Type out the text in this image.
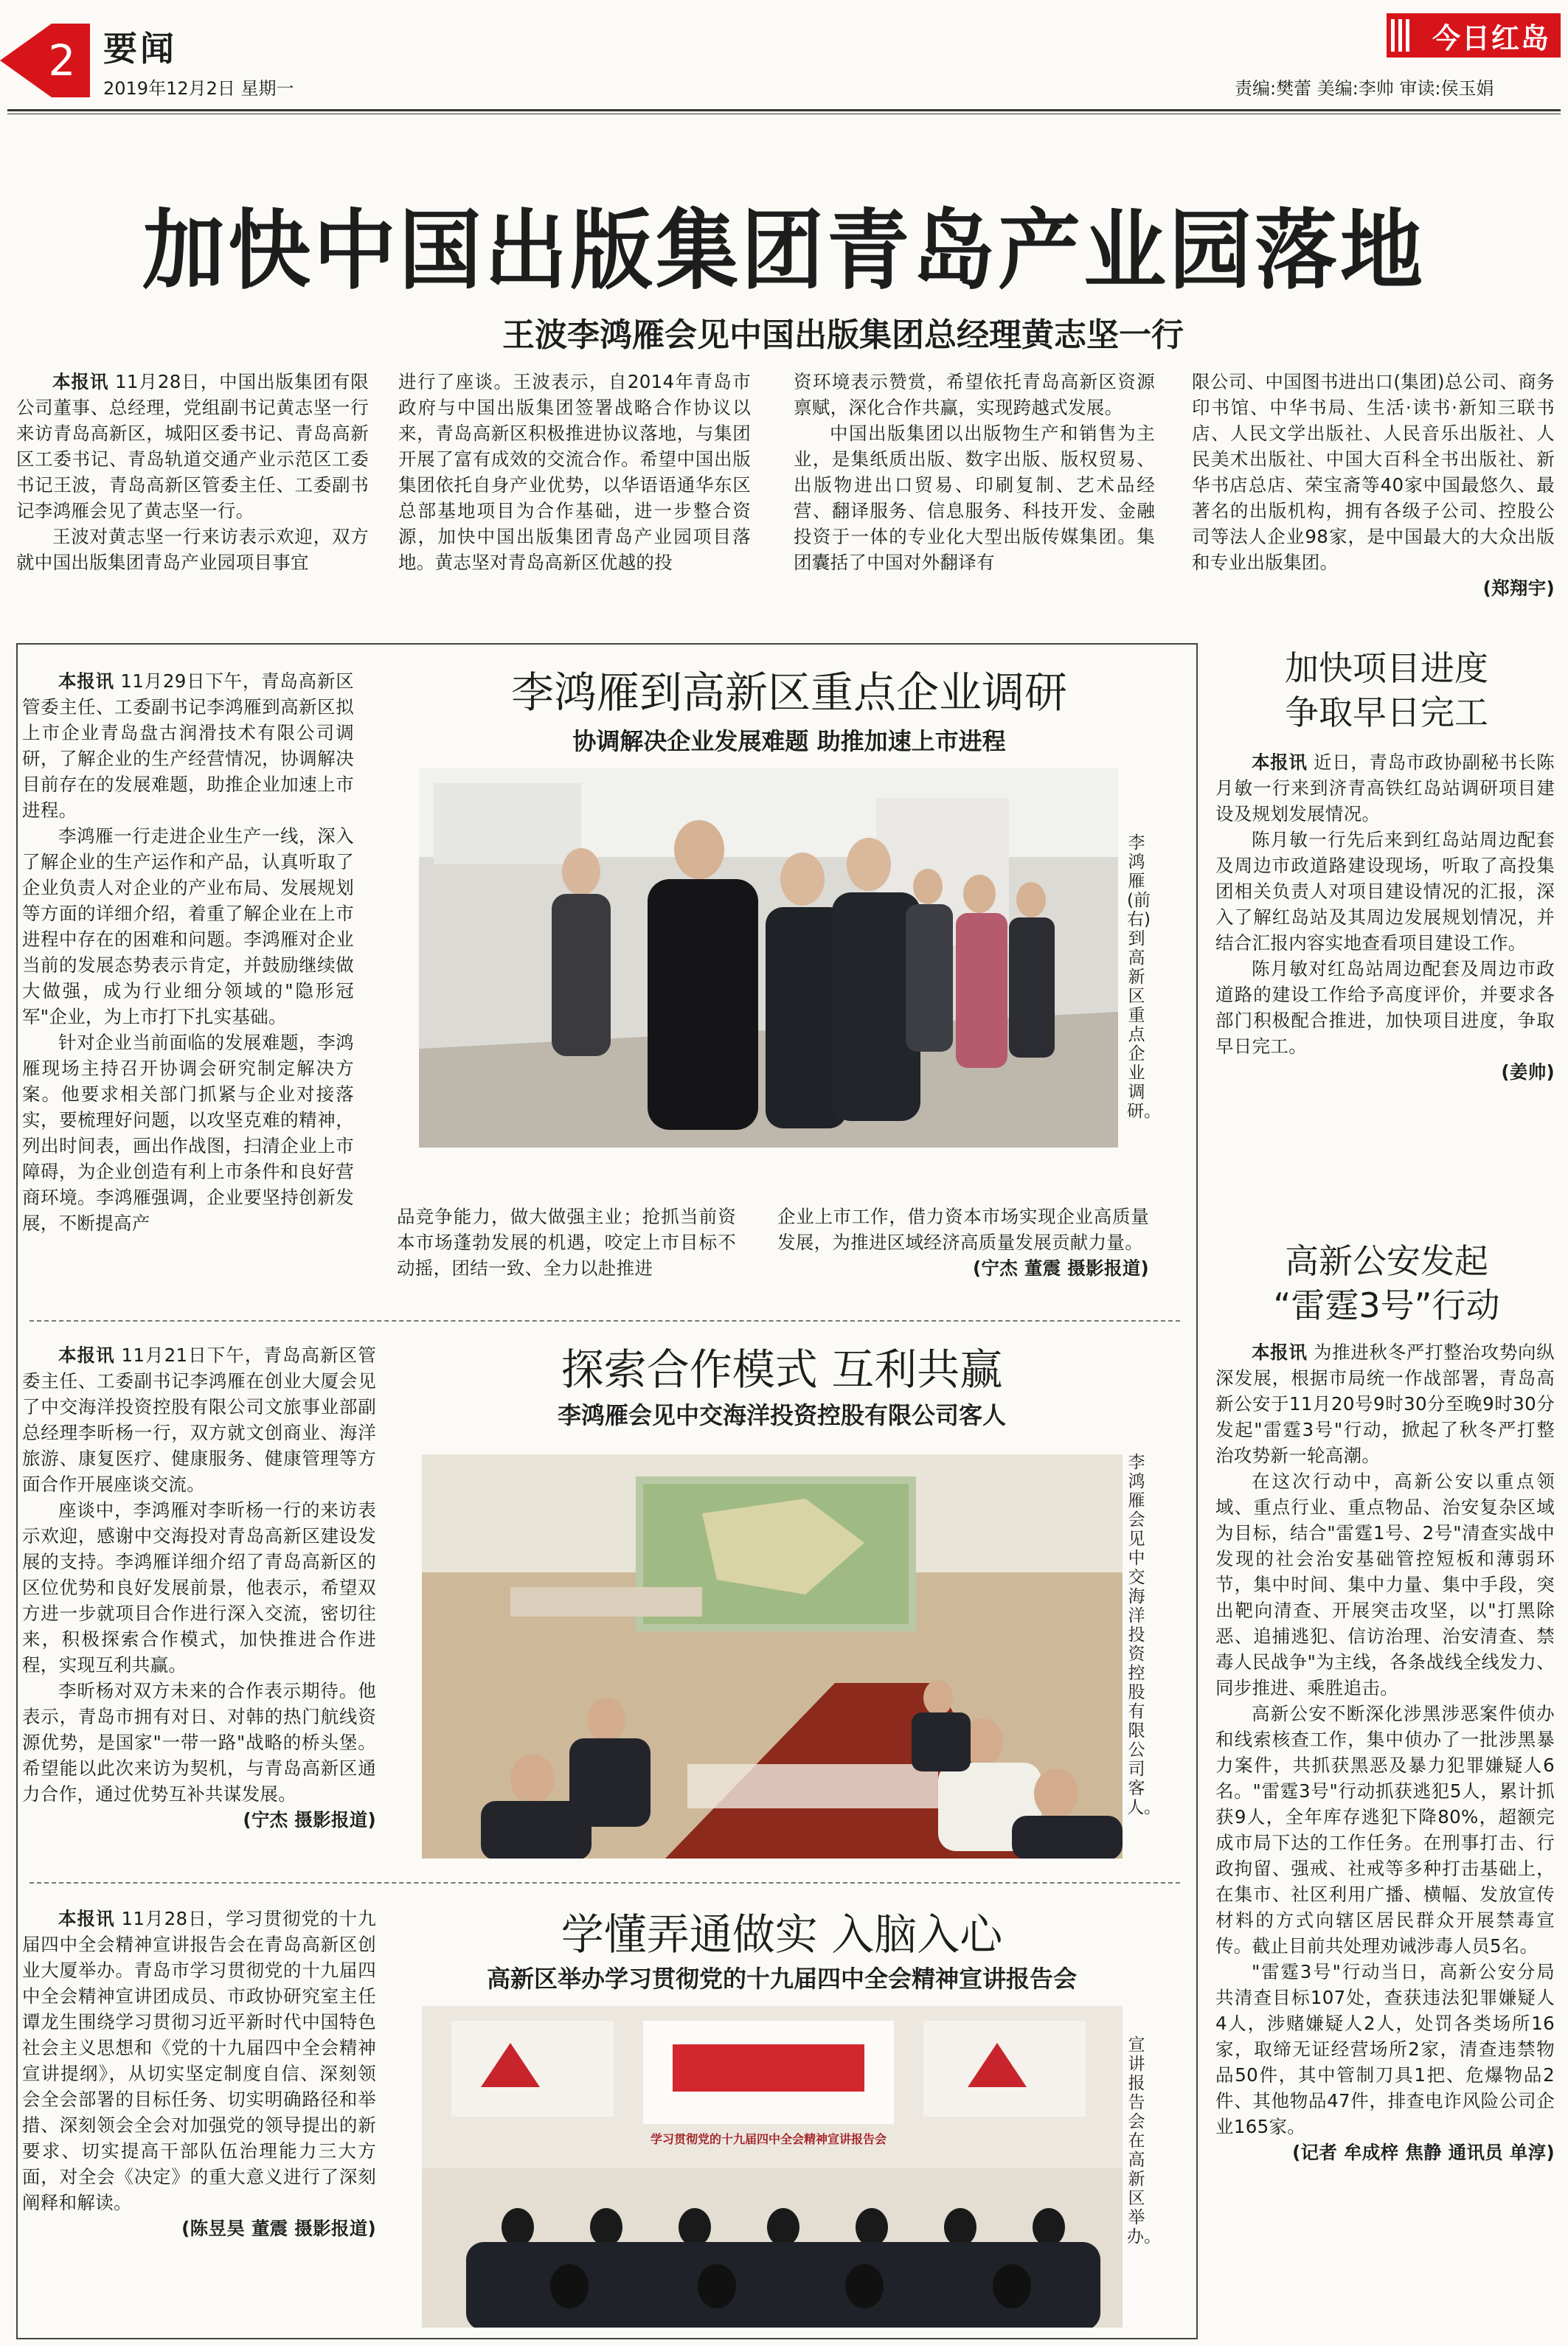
2 要闻
2019年12月2日 星期一
今日红岛
责编:樊蕾 美编:李帅 审读:侯玉娟
加快中国出版集团青岛产业园落地
王波李鸿雁会见中国出版集团总经理黄志坚一行

本报讯 11月28日，中国出版集团有限公司董事、总经理，党组副书记黄志坚一行来访青岛高新区，城阳区委书记、青岛高新区工委书记、青岛轨道交通产业示范区工委书记王波，青岛高新区管委主任、工委副书记李鸿雁会见了黄志坚一行。

王波对黄志坚一行来访表示欢迎，双方就中国出版集团青岛产业园项目事宜

进行了座谈。王波表示，自2014年青岛市政府与中国出版集团签署战略合作协议以来，青岛高新区积极推进协议落地，与集团开展了富有成效的交流合作。希望中国出版集团依托自身产业优势，以华语语通华东区总部基地项目为合作基础，进一步整合资源，加快中国出版集团青岛产业园项目落地。黄志坚对青岛高新区优越的投

资环境表示赞赏，希望依托青岛高新区资源禀赋，深化合作共赢，实现跨越式发展。

中国出版集团以出版物生产和销售为主业，是集纸质出版、数字出版、版权贸易、出版物进出口贸易、印刷复制、艺术品经营、翻译服务、信息服务、科技开发、金融投资于一体的专业化大型出版传媒集团。集团囊括了中国对外翻译有

限公司、中国图书进出口(集团)总公司、商务印书馆、中华书局、生活·读书·新知三联书店、人民文学出版社、人民音乐出版社、人民美术出版社、中国大百科全书出版社、新华书店总店、荣宝斋等40家中国最悠久、最著名的出版机构，拥有各级子公司、控股公司等法人企业98家，是中国最大的大众出版和专业出版集团。

(郑翔宇)

李鸿雁到高新区重点企业调研
协调解决企业发展难题 助推加速上市进程

本报讯 11月29日下午，青岛高新区管委主任、工委副书记李鸿雁到高新区拟上市企业青岛盘古润滑技术有限公司调研，了解企业的生产经营情况，协调解决目前存在的发展难题，助推企业加速上市进程。

李鸿雁一行走进企业生产一线，深入了解企业的生产运作和产品，认真听取了企业负责人对企业的产业布局、发展规划等方面的详细介绍，着重了解企业在上市进程中存在的困难和问题。李鸿雁对企业当前的发展态势表示肯定，并鼓励继续做大做强，成为行业细分领域的"隐形冠军"企业，为上市打下扎实基础。

针对企业当前面临的发展难题，李鸿雁现场主持召开协调会研究制定解决方案。他要求相关部门抓紧与企业对接落实，要梳理好问题，以攻坚克难的精神，列出时间表，画出作战图，扫清企业上市障碍，为企业创造有利上市条件和良好营商环境。李鸿雁强调，企业要坚持创新发展，不断提高产

李鸿雁(前右)到高新区重点企业调研。

品竞争能力，做大做强主业；抢抓当前资本市场蓬勃发展的机遇，咬定上市目标不动摇，团结一致、全力以赴推进

企业上市工作，借力资本市场实现企业高质量发展，为推进区域经济高质量发展贡献力量。

(宁杰 董震 摄影报道)

探索合作模式 互利共赢
李鸿雁会见中交海洋投资控股有限公司客人

本报讯 11月21日下午，青岛高新区管委主任、工委副书记李鸿雁在创业大厦会见了中交海洋投资控股有限公司文旅事业部副总经理李昕杨一行，双方就文创商业、海洋旅游、康复医疗、健康服务、健康管理等方面合作开展座谈交流。

座谈中，李鸿雁对李昕杨一行的来访表示欢迎，感谢中交海投对青岛高新区建设发展的支持。李鸿雁详细介绍了青岛高新区的区位优势和良好发展前景，他表示，希望双方进一步就项目合作进行深入交流，密切往来，积极探索合作模式，加快推进合作进程，实现互利共赢。

李昕杨对双方未来的合作表示期待。他表示，青岛市拥有对日、对韩的热门航线资源优势，是国家"一带一路"战略的桥头堡。希望能以此次来访为契机，与青岛高新区通力合作，通过优势互补共谋发展。

(宁杰 摄影报道)

李鸿雁会见中交海洋投资控股有限公司客人。
学懂弄通做实 入脑入心
高新区举办学习贯彻党的十九届四中全会精神宣讲报告会

本报讯 11月28日，学习贯彻党的十九届四中全会精神宣讲报告会在青岛高新区创业大厦举办。青岛市学习贯彻党的十九届四中全会精神宣讲团成员、市政协研究室主任谭龙生围绕学习贯彻习近平新时代中国特色社会主义思想和《党的十九届四中全会精神宣讲提纲》，从切实坚定制度自信、深刻领会全会部署的目标任务、切实明确路径和举措、深刻领会全会对加强党的领导提出的新要求、切实提高干部队伍治理能力三大方面，对全会《决定》的重大意义进行了深刻阐释和解读。

(陈昱昊 董震 摄影报道)

学习贯彻党的十九届四中全会精神宣讲报告会
宣讲报告会在高新区举办。
加快项目进度
争取早日完工

本报讯 近日，青岛市政协副秘书长陈月敏一行来到济青高铁红岛站调研项目建设及规划发展情况。

陈月敏一行先后来到红岛站周边配套及周边市政道路建设现场，听取了高投集团相关负责人对项目建设情况的汇报，深入了解红岛站及其周边发展规划情况，并结合汇报内容实地查看项目建设工作。

陈月敏对红岛站周边配套及周边市政道路的建设工作给予高度评价，并要求各部门积极配合推进，加快项目进度，争取早日完工。

(姜帅)

高新公安发起
“雷霆3号”行动

本报讯 为推进秋冬严打整治攻势向纵深发展，根据市局统一作战部署，青岛高新公安于11月20号9时30分至晚9时30分发起"雷霆3号"行动，掀起了秋冬严打整治攻势新一轮高潮。

在这次行动中，高新公安以重点领域、重点行业、重点物品、治安复杂区域为目标，结合"雷霆1号、2号"清查实战中发现的社会治安基础管控短板和薄弱环节，集中时间、集中力量、集中手段，突出靶向清查、开展突击攻坚，以"打黑除恶、追捕逃犯、信访治理、治安清查、禁毒人民战争"为主线，各条战线全线发力、同步推进、乘胜追击。

高新公安不断深化涉黑涉恶案件侦办和线索核查工作，集中侦办了一批涉黑暴力案件，共抓获黑恶及暴力犯罪嫌疑人6名。"雷霆3号"行动抓获逃犯5人，累计抓获9人，全年库存逃犯下降80%，超额完成市局下达的工作任务。在刑事打击、行政拘留、强戒、社戒等多种打击基础上，在集市、社区利用广播、横幅、发放宣传材料的方式向辖区居民群众开展禁毒宣传。截止目前共处理劝诫涉毒人员5名。

"雷霆3号"行动当日，高新公安分局共清查目标107处，查获违法犯罪嫌疑人4人，涉赌嫌疑人2人，处罚各类场所16家，取缔无证经营场所2家，清查违禁物品50件，其中管制刀具1把、危爆物品2件、其他物品47件，排查电诈风险公司企业165家。

(记者 牟成梓 焦静 通讯员 单淳)
